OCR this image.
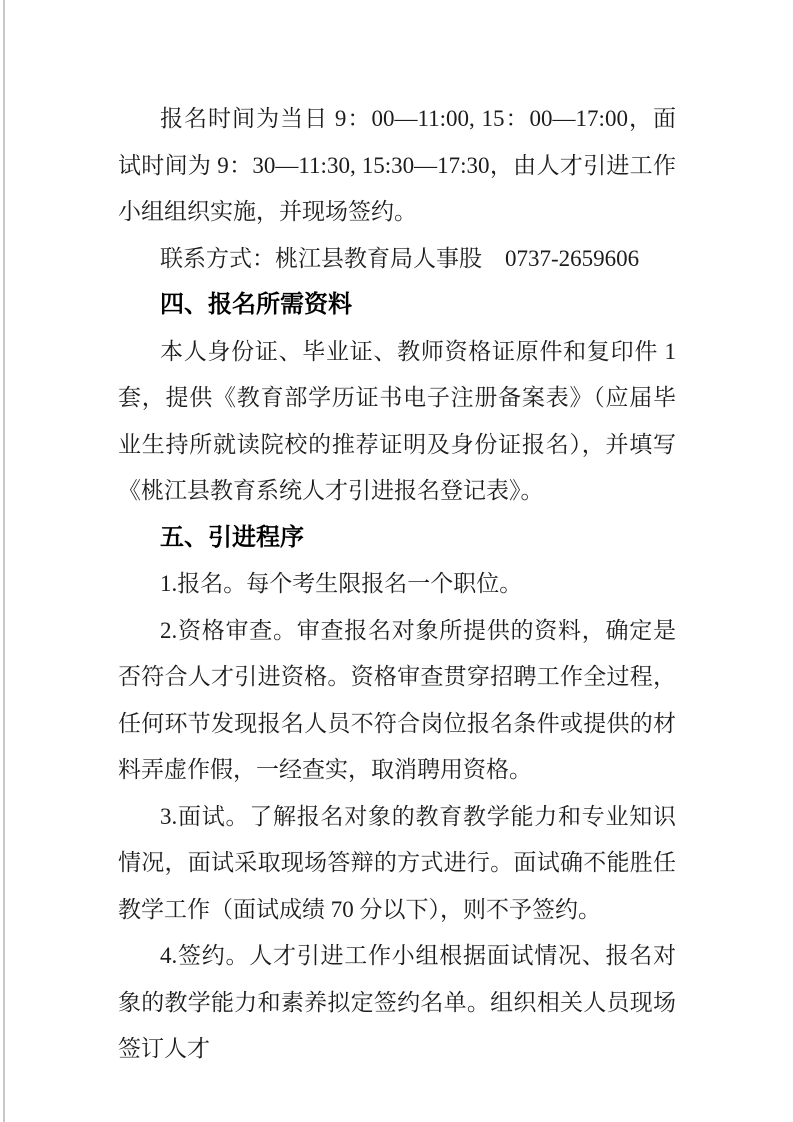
报名时间为当日 9：00—11:00, 15：00—17:00，面试时间为 9：30—11:30, 15:30—17:30，由人才引进工作小组组织实施，并现场签约。

联系方式：桃江县教育局人事股　0737-2659606

四、报名所需资料

本人身份证、毕业证、教师资格证原件和复印件 1 套，提供《教育部学历证书电子注册备案表》（应届毕业生持所就读院校的推荐证明及身份证报名），并填写《桃江县教育系统人才引进报名登记表》。

五、引进程序

1.报名。每个考生限报名一个职位。

2.资格审查。审查报名对象所提供的资料，确定是否符合人才引进资格。资格审查贯穿招聘工作全过程，任何环节发现报名人员不符合岗位报名条件或提供的材料弄虚作假，一经查实，取消聘用资格。

3.面试。了解报名对象的教育教学能力和专业知识情况，面试采取现场答辩的方式进行。面试确不能胜任教学工作（面试成绩 70 分以下），则不予签约。

4.签约。人才引进工作小组根据面试情况、报名对象的教学能力和素养拟定签约名单。组织相关人员现场签订人才
